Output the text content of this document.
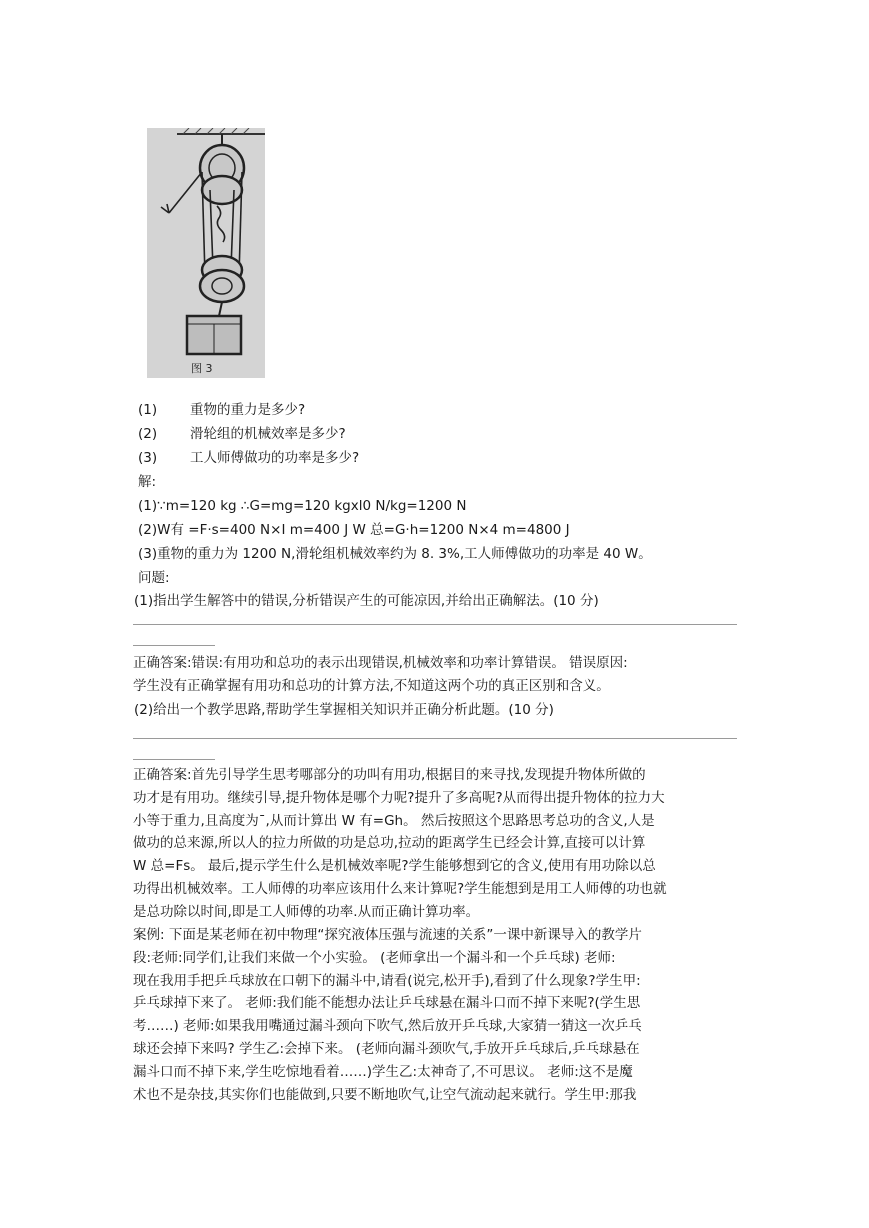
图 3
(1) 重物的重力是多少?
(2) 滑轮组的机械效率是多少?
(3) 工人师傅做功的功率是多少?
解:
(1)∵m=120 kg ∴G=mg=120 kgxl0 N/kg=1200 N
(2)W有 =F·s=400 N×I m=400 J W 总=G·h=1200 N×4 m=4800 J
(3)重物的重力为 1200 N,滑轮组机械效率约为 8. 3%,工人师傅做功的功率是 40 W。
问题:
(1)指出学生解答中的错误,分析错误产生的可能凉因,并给出正确解法。(10 分)
正确答案:错误:有用功和总功的表示出现错误,机械效率和功率计算错误。 错误原因:
学生没有正确掌握有用功和总功的计算方法,不知道这两个功的真正区别和含义。
(2)给出一个教学思路,帮助学生掌握相关知识并正确分析此题。(10 分)
正确答案:首先引导学生思考哪部分的功叫有用功,根据目的来寻找,发现提升物体所做的
功才是有用功。继续引导,提升物体是哪个力呢?提升了多高呢?从而得出提升物体的拉力大
小等于重力,且高度为ˉ,从而计算出 W 有=Gh。 然后按照这个思路思考总功的含义,人是
做功的总来源,所以人的拉力所做的功是总功,拉动的距离学生已经会计算,直接可以计算
W 总=Fs。 最后,提示学生什么是机械效率呢?学生能够想到它的含义,使用有用功除以总
功得出机械效率。工人师傅的功率应该用什么来计算呢?学生能想到是用工人师傅的功也就
是总功除以时间,即是工人师傅的功率.从而正确计算功率。
案例: 下面是某老师在初中物理“探究液体压强与流速的关系”一课中新课导入的教学片
段:老师:同学们,让我们来做一个小实验。 (老师拿出一个漏斗和一个乒乓球) 老师:
现在我用手把乒乓球放在口朝下的漏斗中,请看(说完,松开手),看到了什么现象?学生甲:
乒乓球掉下来了。 老师:我们能不能想办法让乒乓球悬在漏斗口而不掉下来呢?(学生思
考……) 老师:如果我用嘴通过漏斗颈向下吹气,然后放开乒乓球,大家猜一猜这一次乒乓
球还会掉下来吗? 学生乙:会掉下来。 (老师向漏斗颈吹气,手放开乒乓球后,乒乓球悬在
漏斗口而不掉下来,学生吃惊地看着……)学生乙:太神奇了,不可思议。 老师:这不是魔
术也不是杂技,其实你们也能做到,只要不断地吹气,让空气流动起来就行。学生甲:那我
